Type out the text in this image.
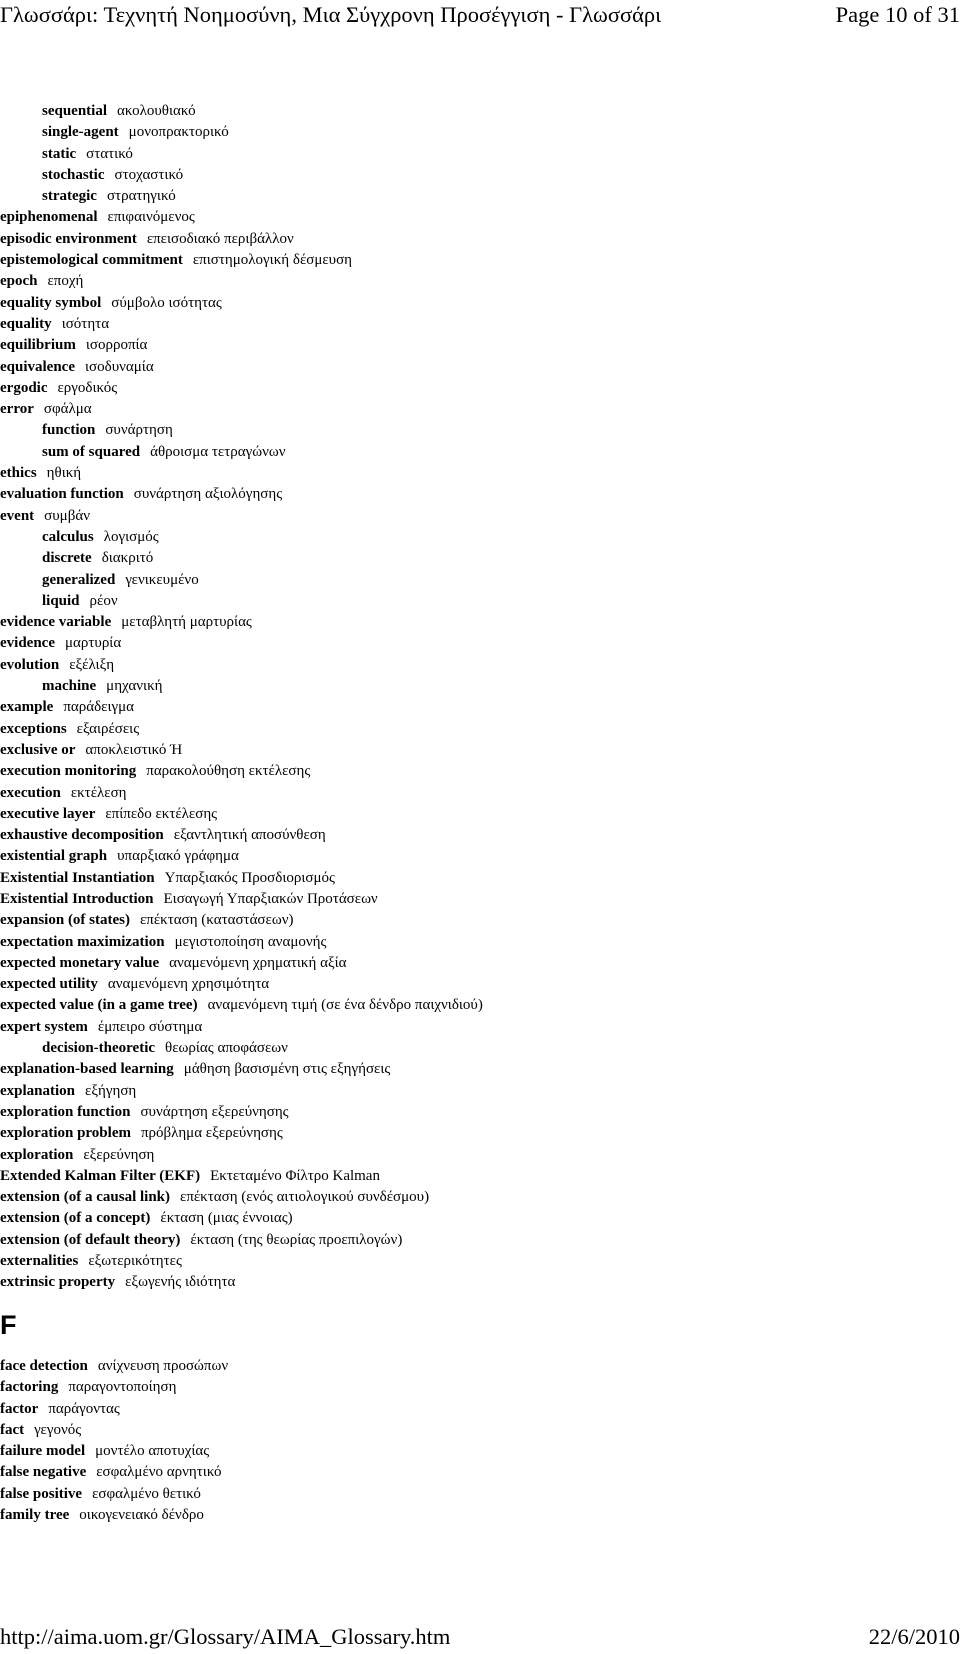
Γλωσσάρι: Τεχνητή Νοημοσύνη, Μια Σύγχρονη Προσέγγιση - Γλωσσάρι	Page 10 of 31
sequential ακολουθιακό
single-agent μονοπρακτορικό
static στατικό
stochastic στοχαστικό
strategic στρατηγικό
epiphenomenal επιφαινόμενος
episodic environment επεισοδιακό περιβάλλον
epistemological commitment επιστημολογική δέσμευση
epoch εποχή
equality symbol σύμβολο ισότητας
equality ισότητα
equilibrium ισορροπία
equivalence ισοδυναμία
ergodic εργοδικός
error σφάλμα
function συνάρτηση
sum of squared άθροισμα τετραγώνων
ethics ηθική
evaluation function συνάρτηση αξιολόγησης
event συμβάν
calculus λογισμός
discrete διακριτό
generalized γενικευμένο
liquid ρέον
evidence variable μεταβλητή μαρτυρίας
evidence μαρτυρία
evolution εξέλιξη
machine μηχανική
example παράδειγμα
exceptions εξαιρέσεις
exclusive or αποκλειστικό Ή
execution monitoring παρακολούθηση εκτέλεσης
execution εκτέλεση
executive layer επίπεδο εκτέλεσης
exhaustive decomposition εξαντλητική αποσύνθεση
existential graph υπαρξιακό γράφημα
Existential Instantiation Υπαρξιακός Προσδιορισμός
Existential Introduction Εισαγωγή Υπαρξιακών Προτάσεων
expansion (of states) επέκταση (καταστάσεων)
expectation maximization μεγιστοποίηση αναμονής
expected monetary value αναμενόμενη χρηματική αξία
expected utility αναμενόμενη χρησιμότητα
expected value (in a game tree) αναμενόμενη τιμή (σε ένα δένδρο παιχνιδιού)
expert system έμπειρο σύστημα
decision-theoretic θεωρίας αποφάσεων
explanation-based learning μάθηση βασισμένη στις εξηγήσεις
explanation εξήγηση
exploration function συνάρτηση εξερεύνησης
exploration problem πρόβλημα εξερεύνησης
exploration εξερεύνηση
Extended Kalman Filter (EKF) Εκτεταμένο Φίλτρο Kalman
extension (of a causal link) επέκταση (ενός αιτιολογικού συνδέσμου)
extension (of a concept) έκταση (μιας έννοιας)
extension (of default theory) έκταση (της θεωρίας προεπιλογών)
externalities εξωτερικότητες
extrinsic property εξωγενής ιδιότητα
F
face detection ανίχνευση προσώπων
factoring παραγοντοποίηση
factor παράγοντας
fact γεγονός
failure model μοντέλο αποτυχίας
false negative εσφαλμένο αρνητικό
false positive εσφαλμένο θετικό
family tree οικογενειακό δένδρο
http://aima.uom.gr/Glossary/AIMA_Glossary.htm	22/6/2010
